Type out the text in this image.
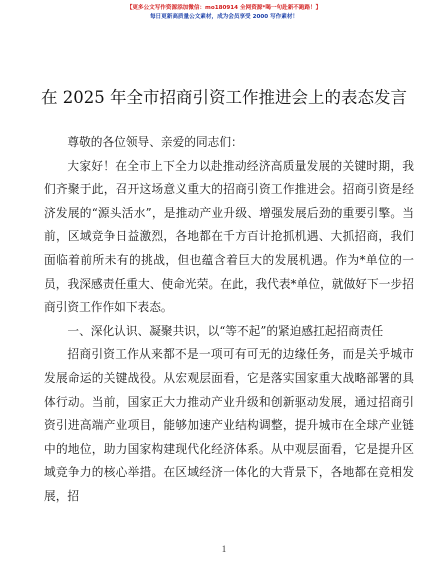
【更多公文写作资源添加微信：mo180914 全网资源*喝一句赴新不跑路！】
每日更新高质量公文素材，成为会员享受 2000 写作素材！
在 2025 年全市招商引资工作推进会上的表态发言

尊敬的各位领导、亲爱的同志们：

大家好！在全市上下全力以赴推动经济高质量发展的关键时期，我们齐聚于此，召开这场意义重大的招商引资工作推进会。招商引资是经济发展的“源头活水”，是推动产业升级、增强发展后劲的重要引擎。当前，区域竞争日益激烈，各地都在千方百计抢抓机遇、大抓招商，我们面临着前所未有的挑战，但也蕴含着巨大的发展机遇。作为*单位的一员，我深感责任重大、使命光荣。在此，我代表*单位，就做好下一步招商引资工作作如下表态。

一、深化认识、凝聚共识，以“等不起”的紧迫感扛起招商责任

招商引资工作从来都不是一项可有可无的边缘任务，而是关乎城市发展命运的关键战役。从宏观层面看，它是落实国家重大战略部署的具体行动。当前，国家正大力推动产业升级和创新驱动发展，通过招商引资引进高端产业项目，能够加速产业结构调整，提升城市在全球产业链中的地位，助力国家构建现代化经济体系。从中观层面看，它是提升区域竞争力的核心举措。在区域经济一体化的大背景下，各地都在竞相发展，招

1
